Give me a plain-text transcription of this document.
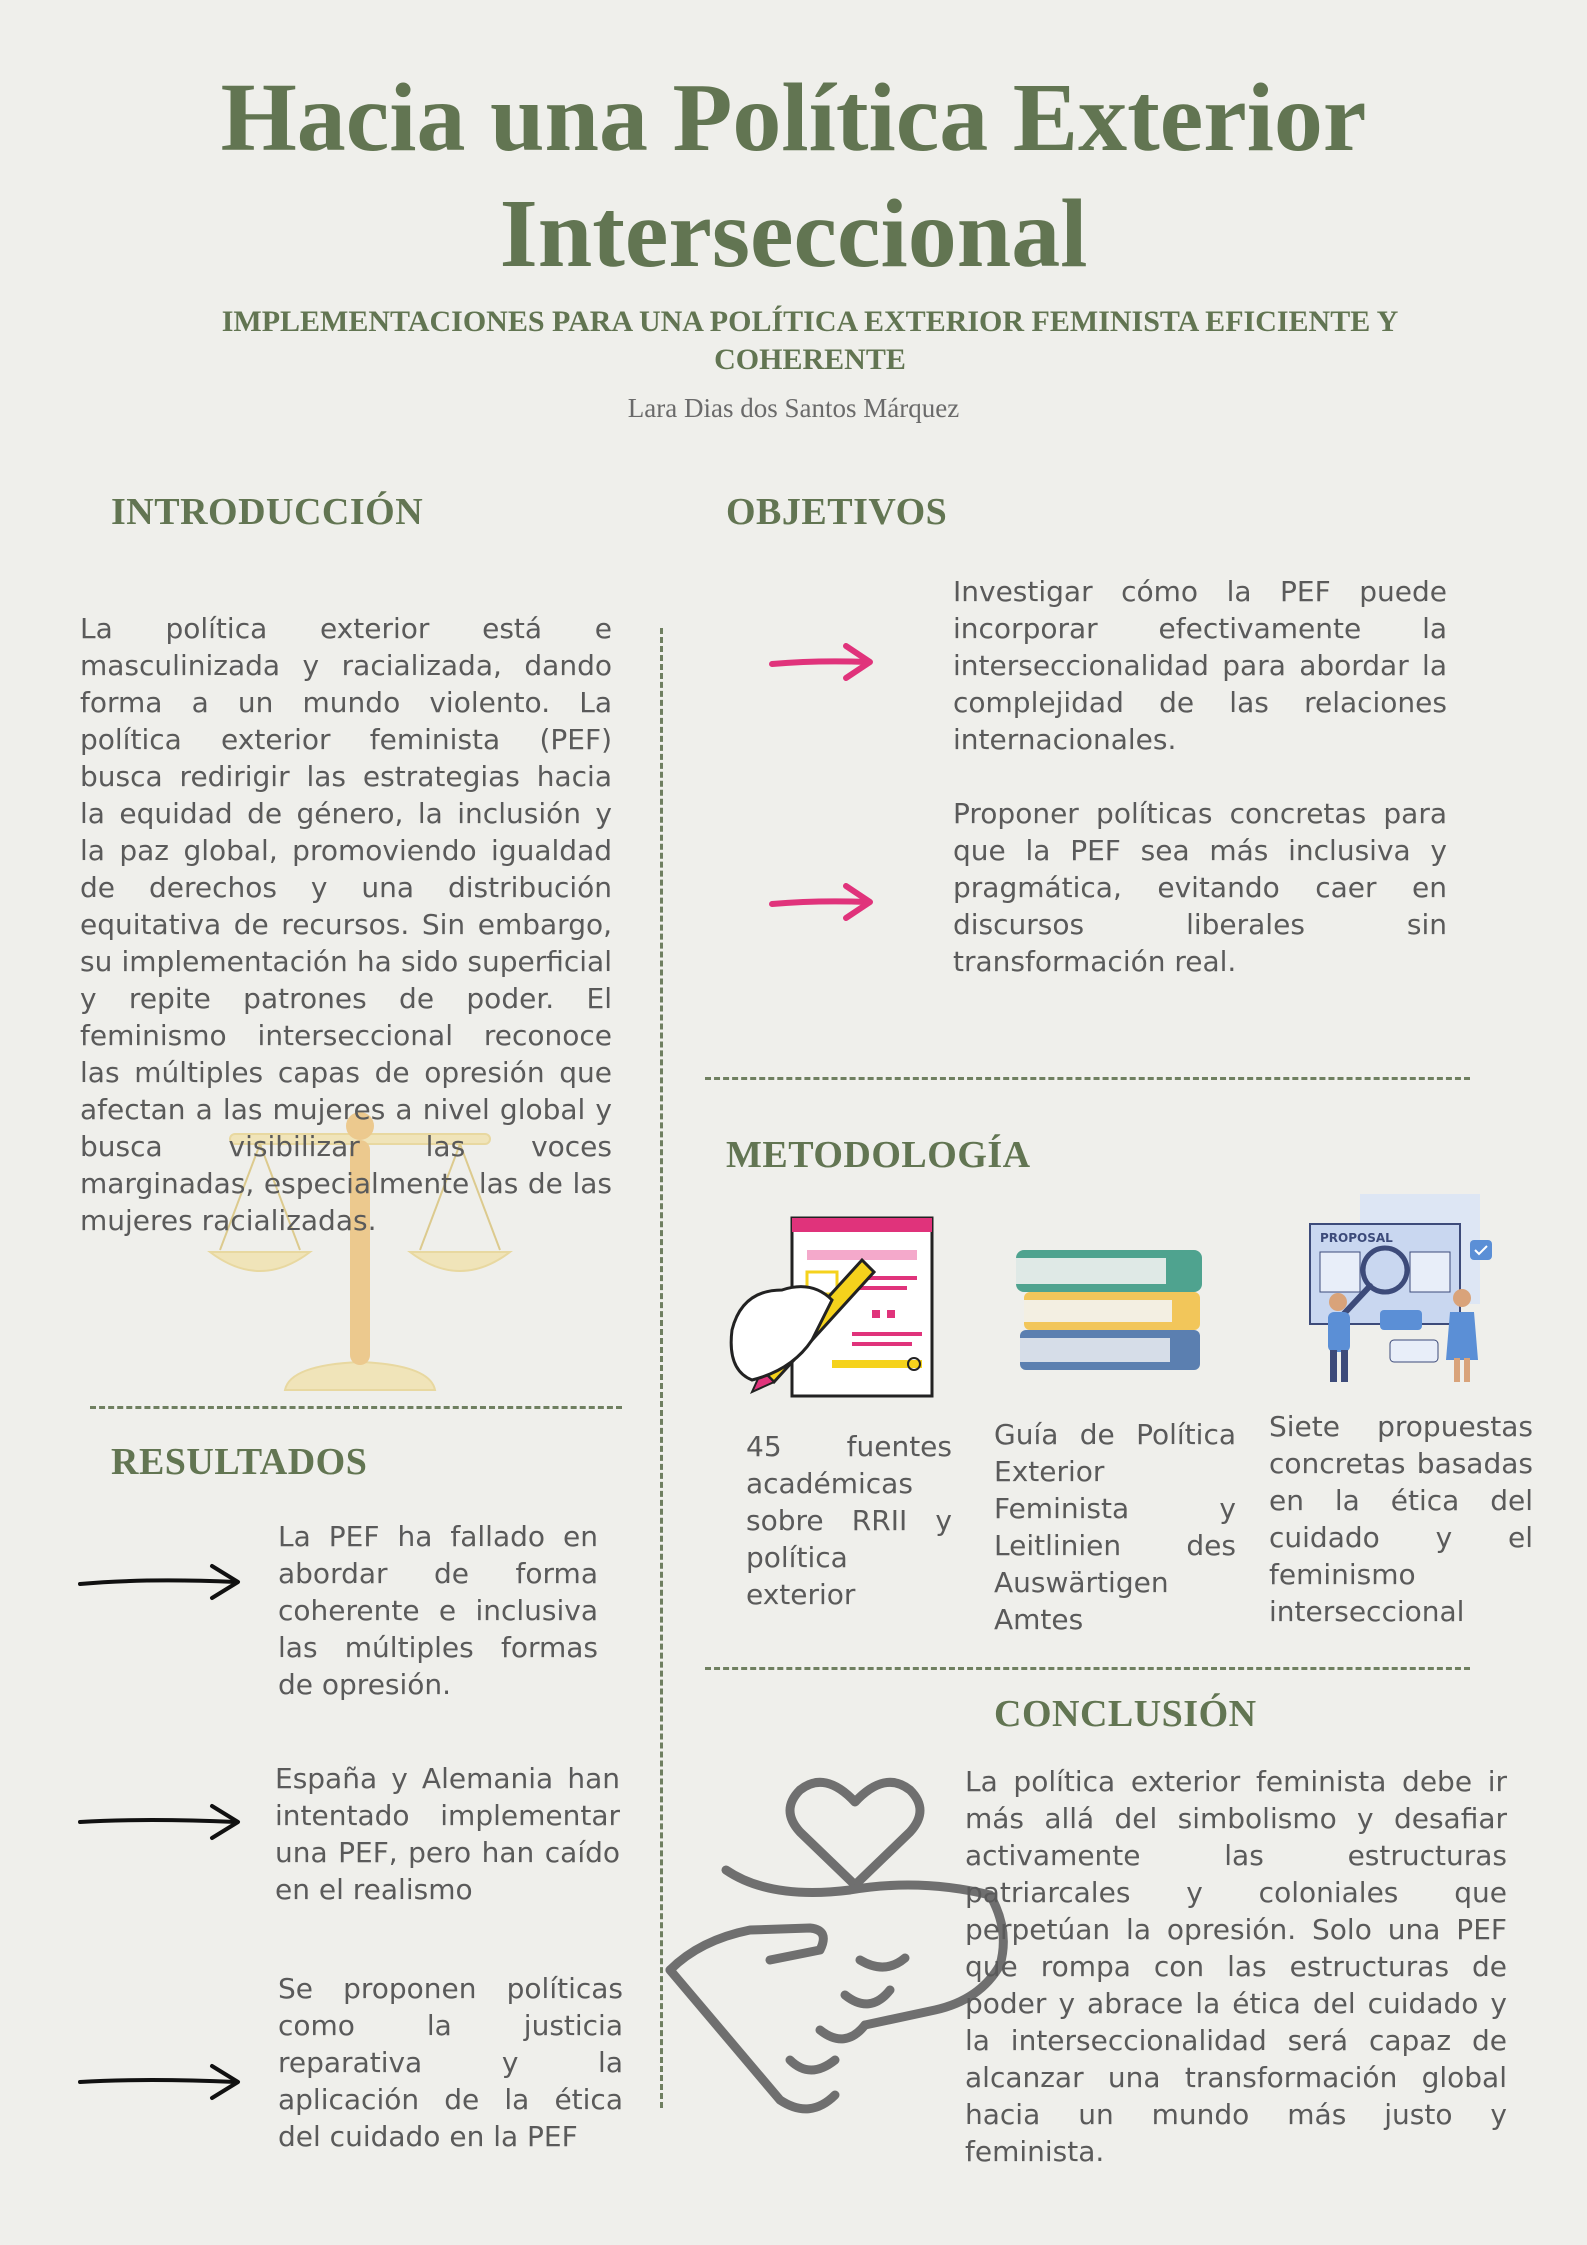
Hacia una Política Exterior
Interseccional
IMPLEMENTACIONES PARA UNA POLÍTICA EXTERIOR FEMINISTA EFICIENTE Y COHERENTE
Lara Dias dos Santos Márquez
INTRODUCCIÓN
La política exterior está e masculinizada y racializada, dando forma a un mundo violento. La política exterior feminista (PEF) busca redirigir las estrategias hacia la equidad de género, la inclusión y la paz global, promoviendo igualdad de derechos y una distribución equitativa de recursos. Sin embargo, su implementación ha sido superficial y repite patrones de poder. El feminismo interseccional reconoce las múltiples capas de opresión que afectan a las mujeres a nivel global y busca visibilizar las voces marginadas, especialmente las de las mujeres racializadas.
OBJETIVOS
Investigar cómo la PEF puede incorporar efectivamente la interseccionalidad para abordar la complejidad de las relaciones internacionales.
Proponer políticas concretas para que la PEF sea más inclusiva y pragmática, evitando caer en discursos liberales sin transformación real.
METODOLOGÍA
PROPOSAL
45 fuentes académicas sobre RRII y política exterior
Guía de Política Exterior Feminista y Leitlinien des Auswärtigen Amtes
Siete propuestas concretas basadas en la ética del cuidado y el feminismo interseccional
RESULTADOS
La PEF ha fallado en abordar de forma coherente e inclusiva las múltiples formas de opresión.
España y Alemania han intentado implementar una PEF, pero han caído en el realismo
Se proponen políticas como la justicia reparativa y la aplicación de la ética del cuidado en la PEF
CONCLUSIÓN
La política exterior feminista debe ir más allá del simbolismo y desafiar activamente las estructuras patriarcales y coloniales que perpetúan la opresión. Solo una PEF que rompa con las estructuras de poder y abrace la ética del cuidado y la interseccionalidad será capaz de alcanzar una transformación global hacia un mundo más justo y feminista.
